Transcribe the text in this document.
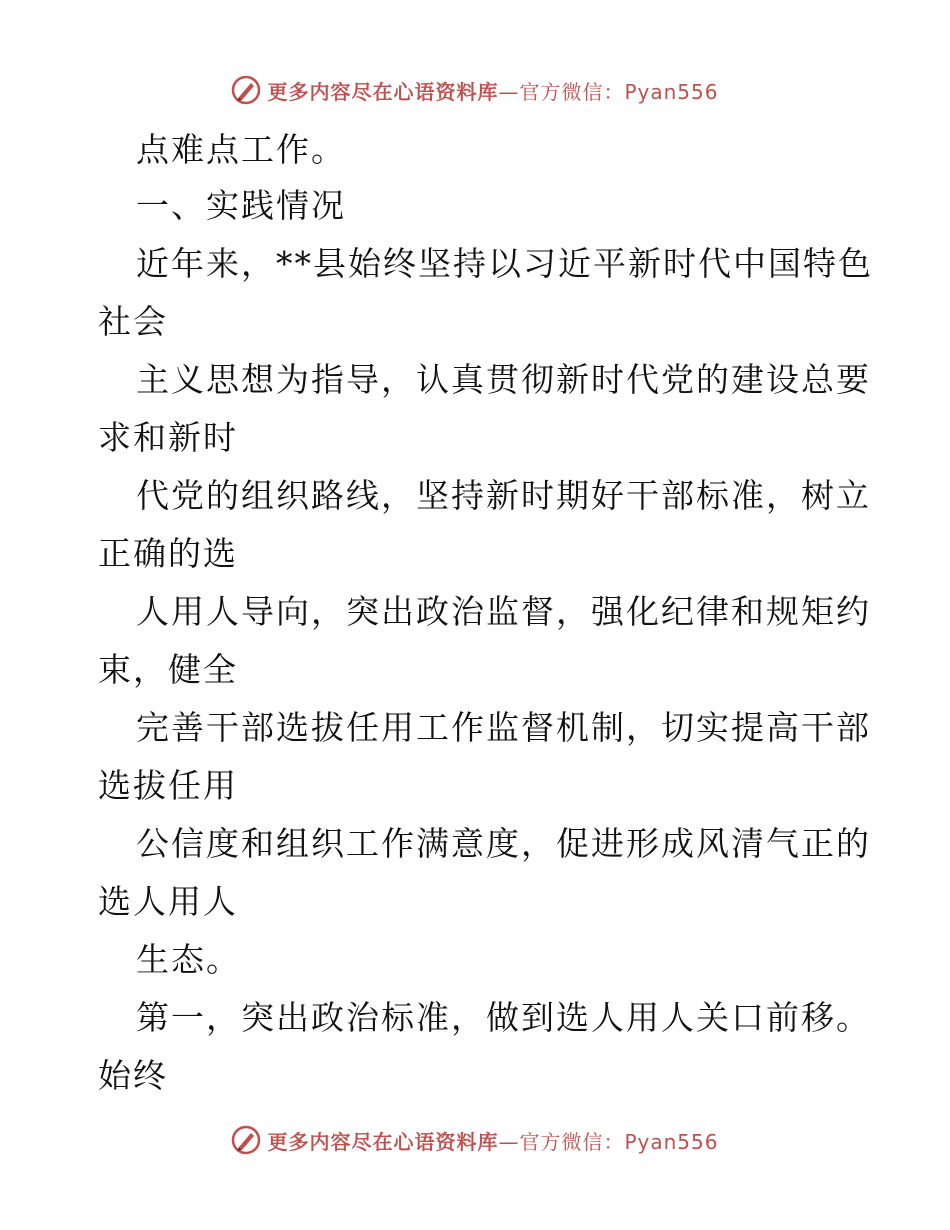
更多内容尽在心语资料库—官方微信：Pyan556
点难点工作。
一、实践情况
近年来，**县始终坚持以习近平新时代中国特色
社会
主义思想为指导，认真贯彻新时代党的建设总要
求和新时
代党的组织路线，坚持新时期好干部标准，树立
正确的选
人用人导向，突出政治监督，强化纪律和规矩约
束，健全
完善干部选拔任用工作监督机制，切实提高干部
选拔任用
公信度和组织工作满意度，促进形成风清气正的
选人用人
生态。
第一，突出政治标准，做到选人用人关口前移。
始终
更多内容尽在心语资料库—官方微信：Pyan556
